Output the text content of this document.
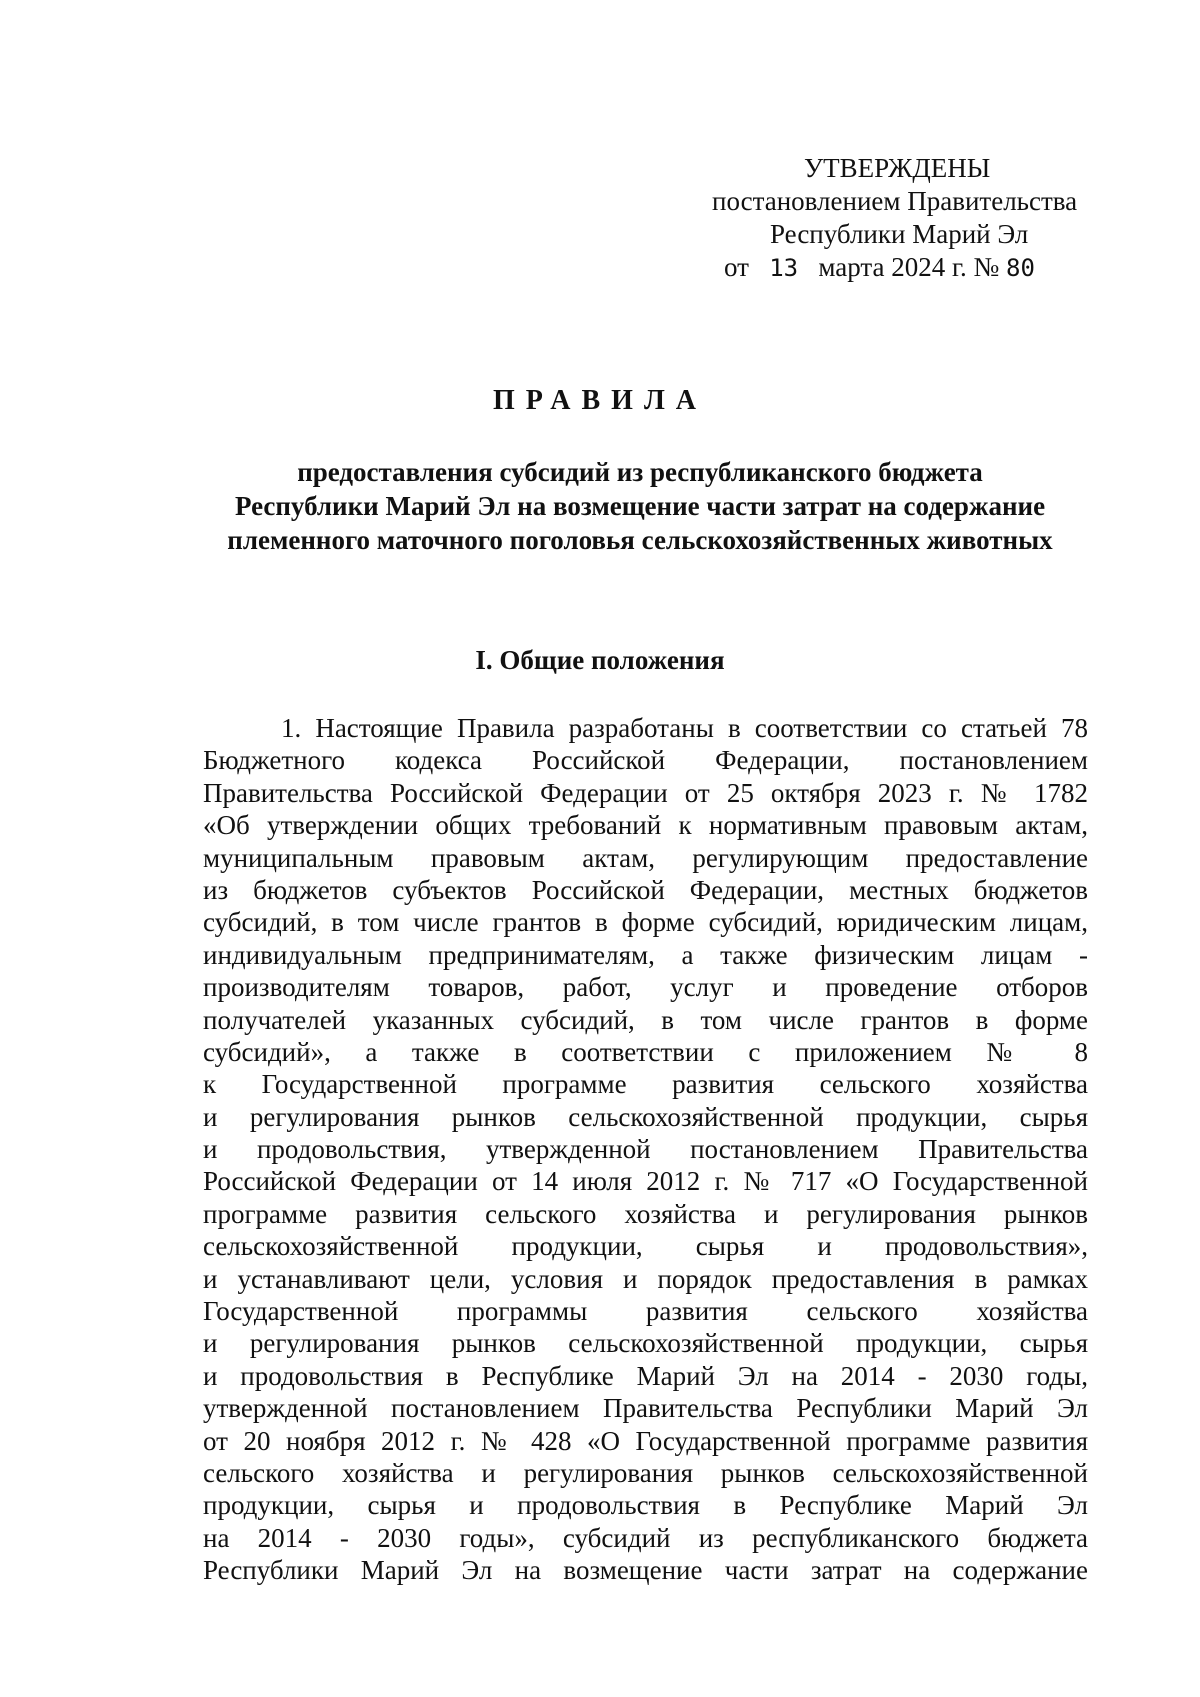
УТВЕРЖДЕНЫ
постановлением Правительства
Республики Марий Эл
от 13 марта 2024 г. № 80
ПРАВИЛА
предоставления субсидий из республиканского бюджета
Республики Марий Эл на возмещение части затрат на содержание
племенного маточного поголовья сельскохозяйственных животных
I. Общие положения
1. Настоящие Правила разработаны в соответствии со статьей 78
Бюджетного кодекса Российской Федерации, постановлением
Правительства Российской Федерации от 25 октября 2023 г. № 1782
«Об утверждении общих требований к нормативным правовым актам,
муниципальным правовым актам, регулирующим предоставление
из бюджетов субъектов Российской Федерации, местных бюджетов
субсидий, в том числе грантов в форме субсидий, юридическим лицам,
индивидуальным предпринимателям, а также физическим лицам -
производителям товаров, работ, услуг и проведение отборов
получателей указанных субсидий, в том числе грантов в форме
субсидий», а также в соответствии с приложением № 8
к Государственной программе развития сельского хозяйства
и регулирования рынков сельскохозяйственной продукции, сырья
и продовольствия, утвержденной постановлением Правительства
Российской Федерации от 14 июля 2012 г. № 717 «О Государственной
программе развития сельского хозяйства и регулирования рынков
сельскохозяйственной продукции, сырья и продовольствия»,
и устанавливают цели, условия и порядок предоставления в рамках
Государственной программы развития сельского хозяйства
и регулирования рынков сельскохозяйственной продукции, сырья
и продовольствия в Республике Марий Эл на 2014 - 2030 годы,
утвержденной постановлением Правительства Республики Марий Эл
от 20 ноября 2012 г. № 428 «О Государственной программе развития
сельского хозяйства и регулирования рынков сельскохозяйственной
продукции, сырья и продовольствия в Республике Марий Эл
на 2014 - 2030 годы», субсидий из республиканского бюджета
Республики Марий Эл на возмещение части затрат на содержание
